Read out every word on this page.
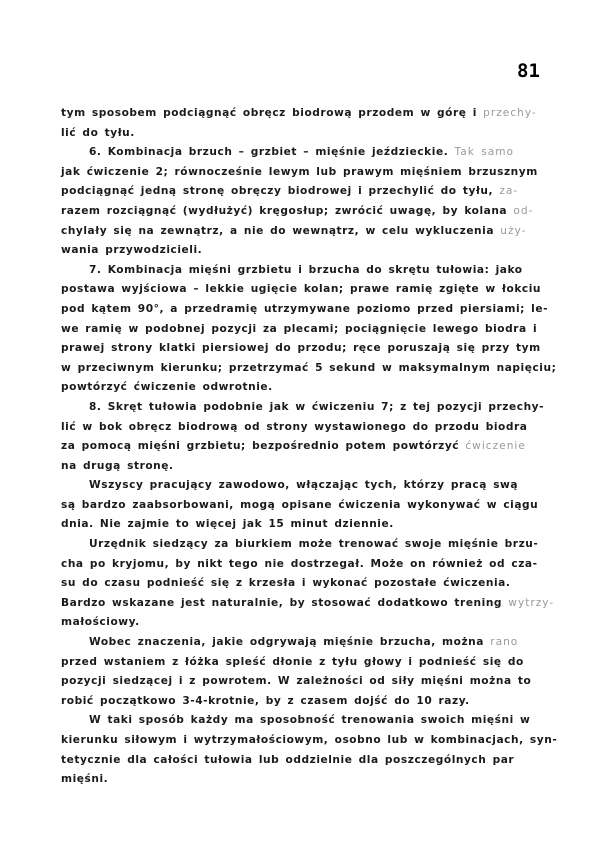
81
tym sposobem podciągnąć obręcz biodrową przodem w górę i przechy-
lić do tyłu.
6. Kombinacja brzuch – grzbiet – mięśnie jeździeckie. Tak samo
jak ćwiczenie 2; równocześnie lewym lub prawym mięśniem brzusznym
podciągnąć jedną stronę obręczy biodrowej i przechylić do tyłu, za-
razem rozciągnąć (wydłużyć) kręgosłup; zwrócić uwagę, by kolana od-
chylały się na zewnątrz, a nie do wewnątrz, w celu wykluczenia uży-
wania przywodzicieli.
7. Kombinacja mięśni grzbietu i brzucha do skrętu tułowia: jako
postawa wyjściowa – lekkie ugięcie kolan; prawe ramię zgięte w łokciu
pod kątem 90°, a przedramię utrzymywane poziomo przed piersiami; le-
we ramię w podobnej pozycji za plecami; pociągnięcie lewego biodra i
prawej strony klatki piersiowej do przodu; ręce poruszają się przy tym
w przeciwnym kierunku; przetrzymać 5 sekund w maksymalnym napięciu;
powtórzyć ćwiczenie odwrotnie.
8. Skręt tułowia podobnie jak w ćwiczeniu 7; z tej pozycji przechy-
lić w bok obręcz biodrową od strony wystawionego do przodu biodra
za pomocą mięśni grzbietu; bezpośrednio potem powtórzyć ćwiczenie
na drugą stronę.
Wszyscy pracujący zawodowo, włączając tych, którzy pracą swą
są bardzo zaabsorbowani, mogą opisane ćwiczenia wykonywać w ciągu
dnia. Nie zajmie to więcej jak 15 minut dziennie.
Urzędnik siedzący za biurkiem może trenować swoje mięśnie brzu-
cha po kryjomu, by nikt tego nie dostrzegał. Może on również od cza-
su do czasu podnieść się z krzesła i wykonać pozostałe ćwiczenia.
Bardzo wskazane jest naturalnie, by stosować dodatkowo trening wytrzy-
małościowy.
Wobec znaczenia, jakie odgrywają mięśnie brzucha, można rano
przed wstaniem z łóżka spleść dłonie z tyłu głowy i podnieść się do
pozycji siedzącej i z powrotem. W zależności od siły mięśni można to
robić początkowo 3-4-krotnie, by z czasem dojść do 10 razy.
W taki sposób każdy ma sposobność trenowania swoich mięśni w
kierunku siłowym i wytrzymałościowym, osobno lub w kombinacjach, syn-
tetycznie dla całości tułowia lub oddzielnie dla poszczególnych par
mięśni.
